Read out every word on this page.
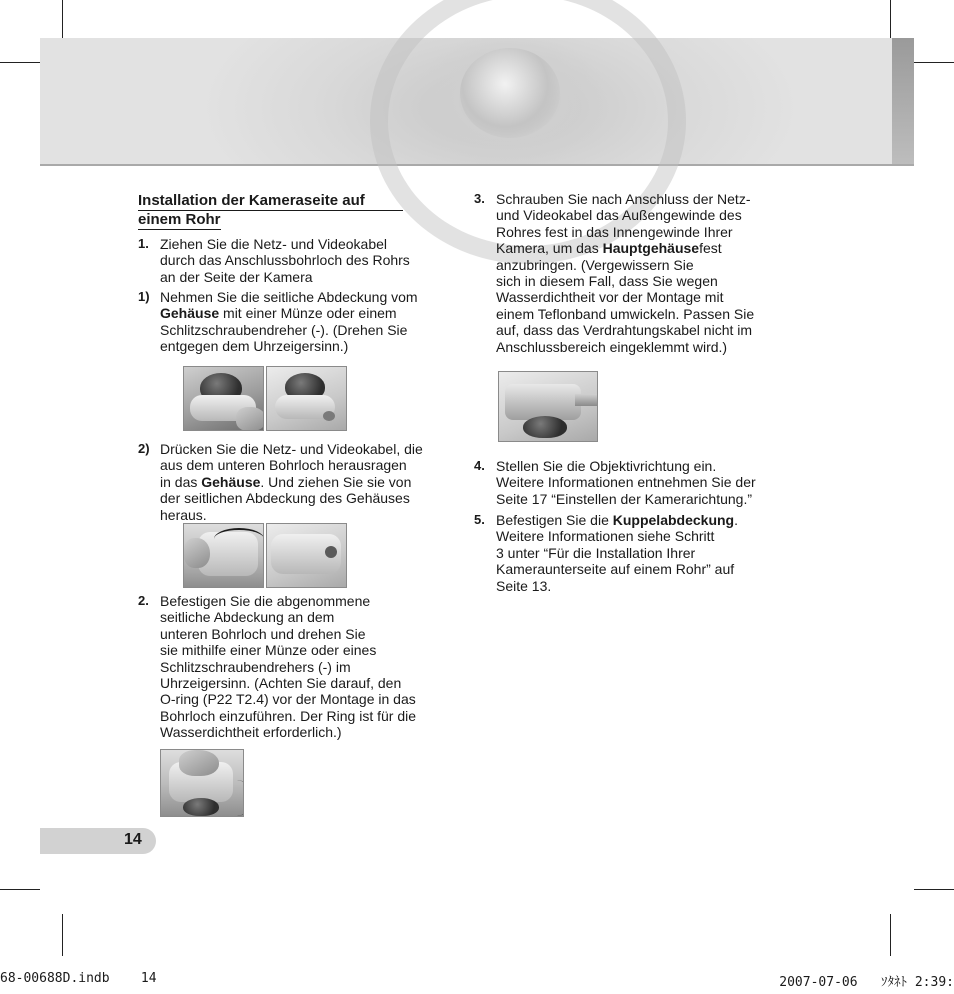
Installation der Kameraseite auf
einem Rohr
1. Ziehen Sie die Netz- und Videokabel
durch das Anschlussbohrloch des Rohrs
an der Seite der Kamera
1) Nehmen Sie die seitliche Abdeckung vom
Gehäuse mit einer Münze oder einem
Schlitzschraubendreher (-). (Drehen Sie
entgegen dem Uhrzeigersinn.)
2) Drücken Sie die Netz- und Videokabel, die
aus dem unteren Bohrloch herausragen
in das Gehäuse. Und ziehen Sie sie von
der seitlichen Abdeckung des Gehäuses
heraus.
2. Befestigen Sie die abgenommene
seitliche Abdeckung an dem
unteren Bohrloch und drehen Sie
sie mithilfe einer Münze oder eines
Schlitzschraubendrehers (-) im
Uhrzeigersinn. (Achten Sie darauf, den
O-ring (P22 T2.4) vor der Montage in das
Bohrloch einzuführen. Der Ring ist für die
Wasserdichtheit erforderlich.)
3. Schrauben Sie nach Anschluss der Netz-
und Videokabel das Außengewinde des
Rohres fest in das Innengewinde Ihrer
Kamera, um das Hauptgehäusefest
anzubringen. (Vergewissern Sie
sich in diesem Fall, dass Sie wegen
Wasserdichtheit vor der Montage mit
einem Teflonband umwickeln. Passen Sie
auf, dass das Verdrahtungskabel nicht im
Anschlussbereich eingeklemmt wird.)
4. Stellen Sie die Objektivrichtung ein.
Weitere Informationen entnehmen Sie der
Seite 17 “Einstellen der Kamerarichtung.”
5. Befestigen Sie die Kuppelabdeckung.
Weitere Informationen siehe Schritt
3 unter “Für die Installation Ihrer
Kameraunterseite auf einem Rohr” auf
Seite 13.
14
68-00688D.indb    14	2007-07-06   ｿﾀﾈﾄ 2:39:
